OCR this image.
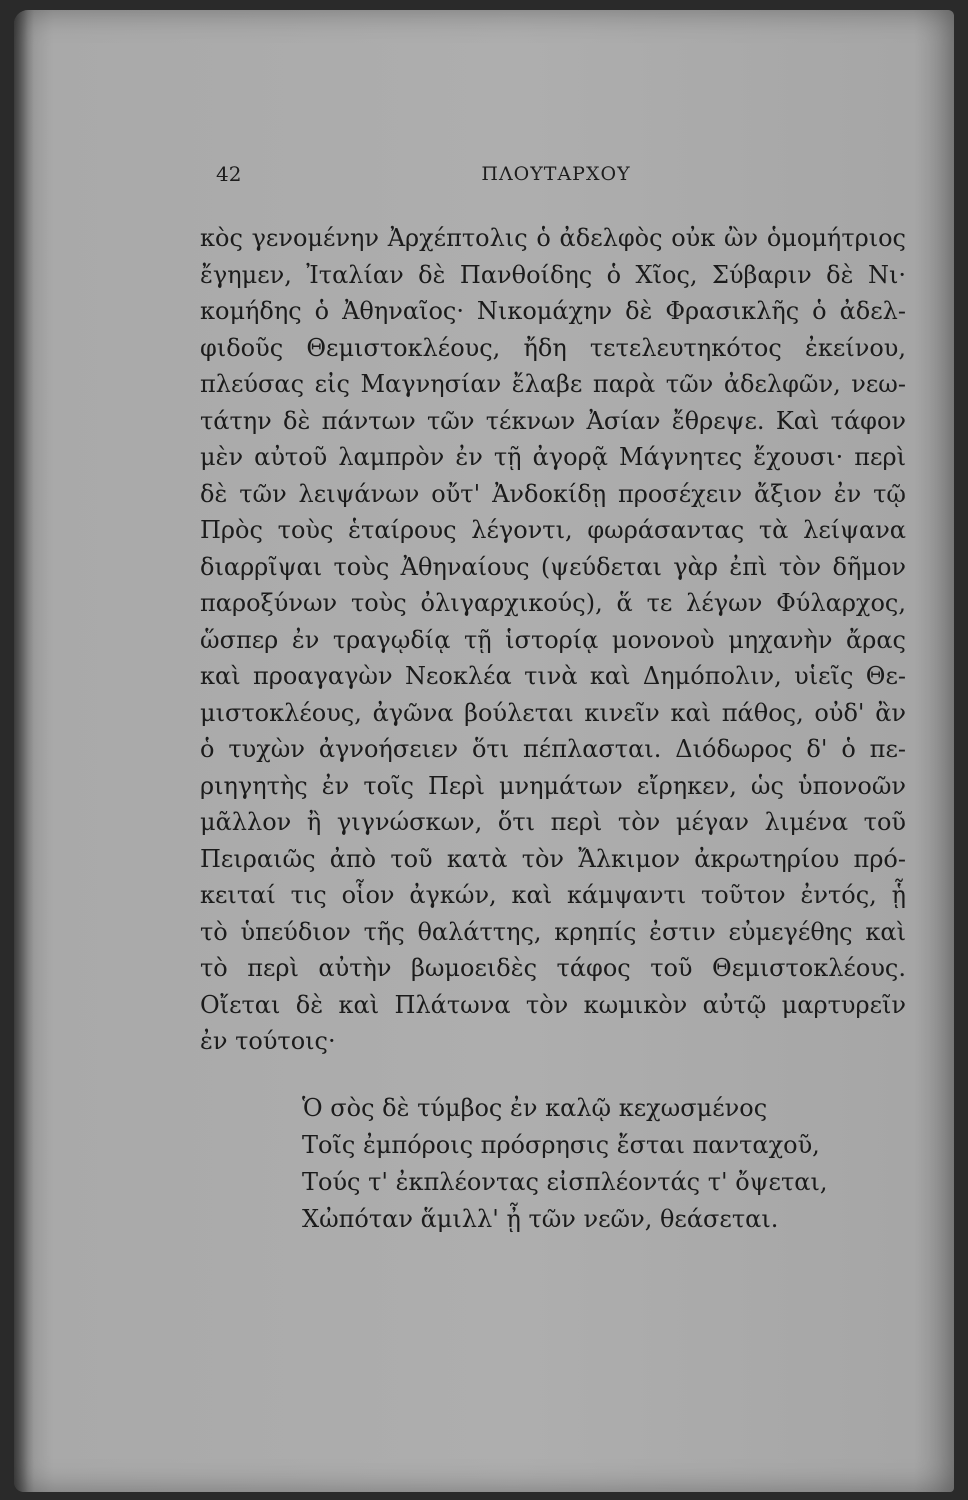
42	ΠΛΟΥΤΑΡΧΟΥ
κὸς γενομένην Ἀρχέπτολις ὁ ἀδελφὸς οὐκ ὢν ὁμομήτριος
ἔγημεν, Ἰταλίαν δὲ Πανθοίδης ὁ Χῖος, Σύβαριν δὲ Νι·
κομήδης ὁ Ἀθηναῖος· Νικομάχην δὲ Φρασικλῆς ὁ ἀδελ-
φιδοῦς Θεμιστοκλέους, ἤδη τετελευτηκότος ἐκείνου,
πλεύσας εἰς Μαγνησίαν ἔλαβε παρὰ τῶν ἀδελφῶν, νεω-
τάτην δὲ πάντων τῶν τέκνων Ἀσίαν ἔθρεψε. Καὶ τάφον
μὲν αὐτοῦ λαμπρὸν ἐν τῇ ἀγορᾷ Μάγνητες ἔχουσι· περὶ
δὲ τῶν λειψάνων οὔτ' Ἀνδοκίδῃ προσέχειν ἄξιον ἐν τῷ
Πρὸς τοὺς ἑταίρους λέγοντι, φωράσαντας τὰ λείψανα
διαρρῖψαι τοὺς Ἀθηναίους (ψεύδεται γὰρ ἐπὶ τὸν δῆμον
παροξύνων τοὺς ὀλιγαρχικούς), ἅ τε λέγων Φύλαρχος,
ὥσπερ ἐν τραγῳδίᾳ τῇ ἱστορίᾳ μονονοὺ μηχανὴν ἄρας
καὶ προαγαγὼν Νεοκλέα τινὰ καὶ Δημόπολιν, υἱεῖς Θε-
μιστοκλέους, ἀγῶνα βούλεται κινεῖν καὶ πάθος, οὐδ' ἂν
ὁ τυχὼν ἀγνοήσειεν ὅτι πέπλασται. Διόδωρος δ' ὁ πε-
ριηγητὴς ἐν τοῖς Περὶ μνημάτων εἴρηκεν, ὡς ὑπονοῶν
μᾶλλον ἢ γιγνώσκων, ὅτι περὶ τὸν μέγαν λιμένα τοῦ
Πειραιῶς ἀπὸ τοῦ κατὰ τὸν Ἄλκιμον ἀκρωτηρίου πρό-
κειταί τις οἷον ἀγκών, καὶ κάμψαντι τοῦτον ἐντός, ᾗ
τὸ ὑπεύδιον τῆς θαλάττης, κρηπίς ἐστιν εὐμεγέθης καὶ
τὸ περὶ αὐτὴν βωμοειδὲς τάφος τοῦ Θεμιστοκλέους.
Οἴεται δὲ καὶ Πλάτωνα τὸν κωμικὸν αὐτῷ μαρτυρεῖν
ἐν τούτοις·
Ὁ σὸς δὲ τύμβος ἐν καλῷ κεχωσμένος
Τοῖς ἐμπόροις πρόσρησις ἔσται πανταχοῦ,
Τούς τ' ἐκπλέοντας εἰσπλέοντάς τ' ὄψεται,
Χὠπόταν ἅμιλλ' ᾖ τῶν νεῶν, θεάσεται.
